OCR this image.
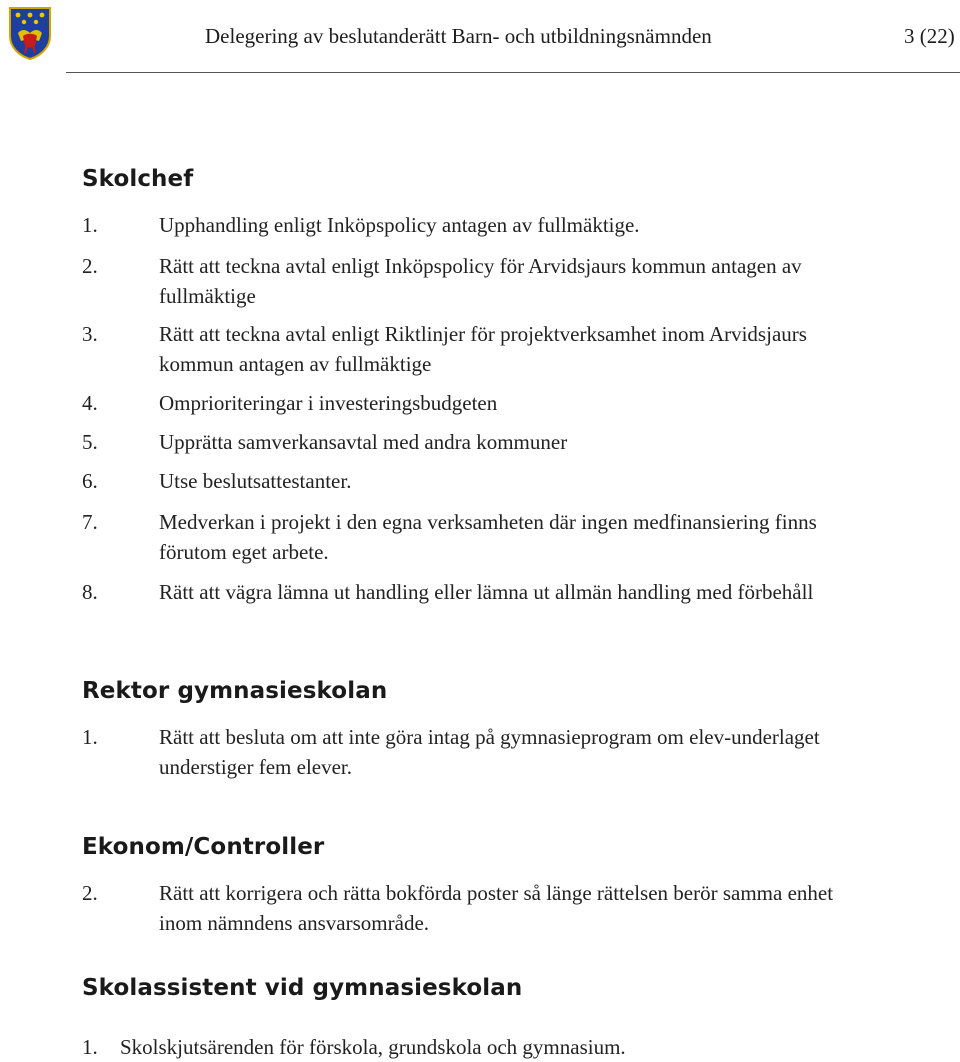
Delegering av beslutanderätt Barn- och utbildningsnämnden	3 (22)
Skolchef
1.	Upphandling enligt Inköpspolicy antagen av fullmäktige.
2.	Rätt att teckna avtal enligt Inköpspolicy för Arvidsjaurs kommun antagen av fullmäktige
3.	Rätt att teckna avtal enligt Riktlinjer för projektverksamhet inom Arvidsjaurs kommun antagen av fullmäktige
4.	Omprioriteringar i investeringsbudgeten
5.	Upprätta samverkansavtal med andra kommuner
6.	Utse beslutsattestanter.
7.	Medverkan i projekt i den egna verksamheten där ingen medfinansiering finns förutom eget arbete.
8.	Rätt att vägra lämna ut handling eller lämna ut allmän handling med förbehåll
Rektor gymnasieskolan
1.	Rätt att besluta om att inte göra intag på gymnasieprogram om elev-underlaget understiger fem elever.
Ekonom/Controller
2.	Rätt att korrigera och rätta bokförda poster så länge rättelsen berör samma enhet inom nämndens ansvarsområde.
Skolassistent vid gymnasieskolan
1. Skolskjutsärenden för förskola, grundskola och gymnasium.
